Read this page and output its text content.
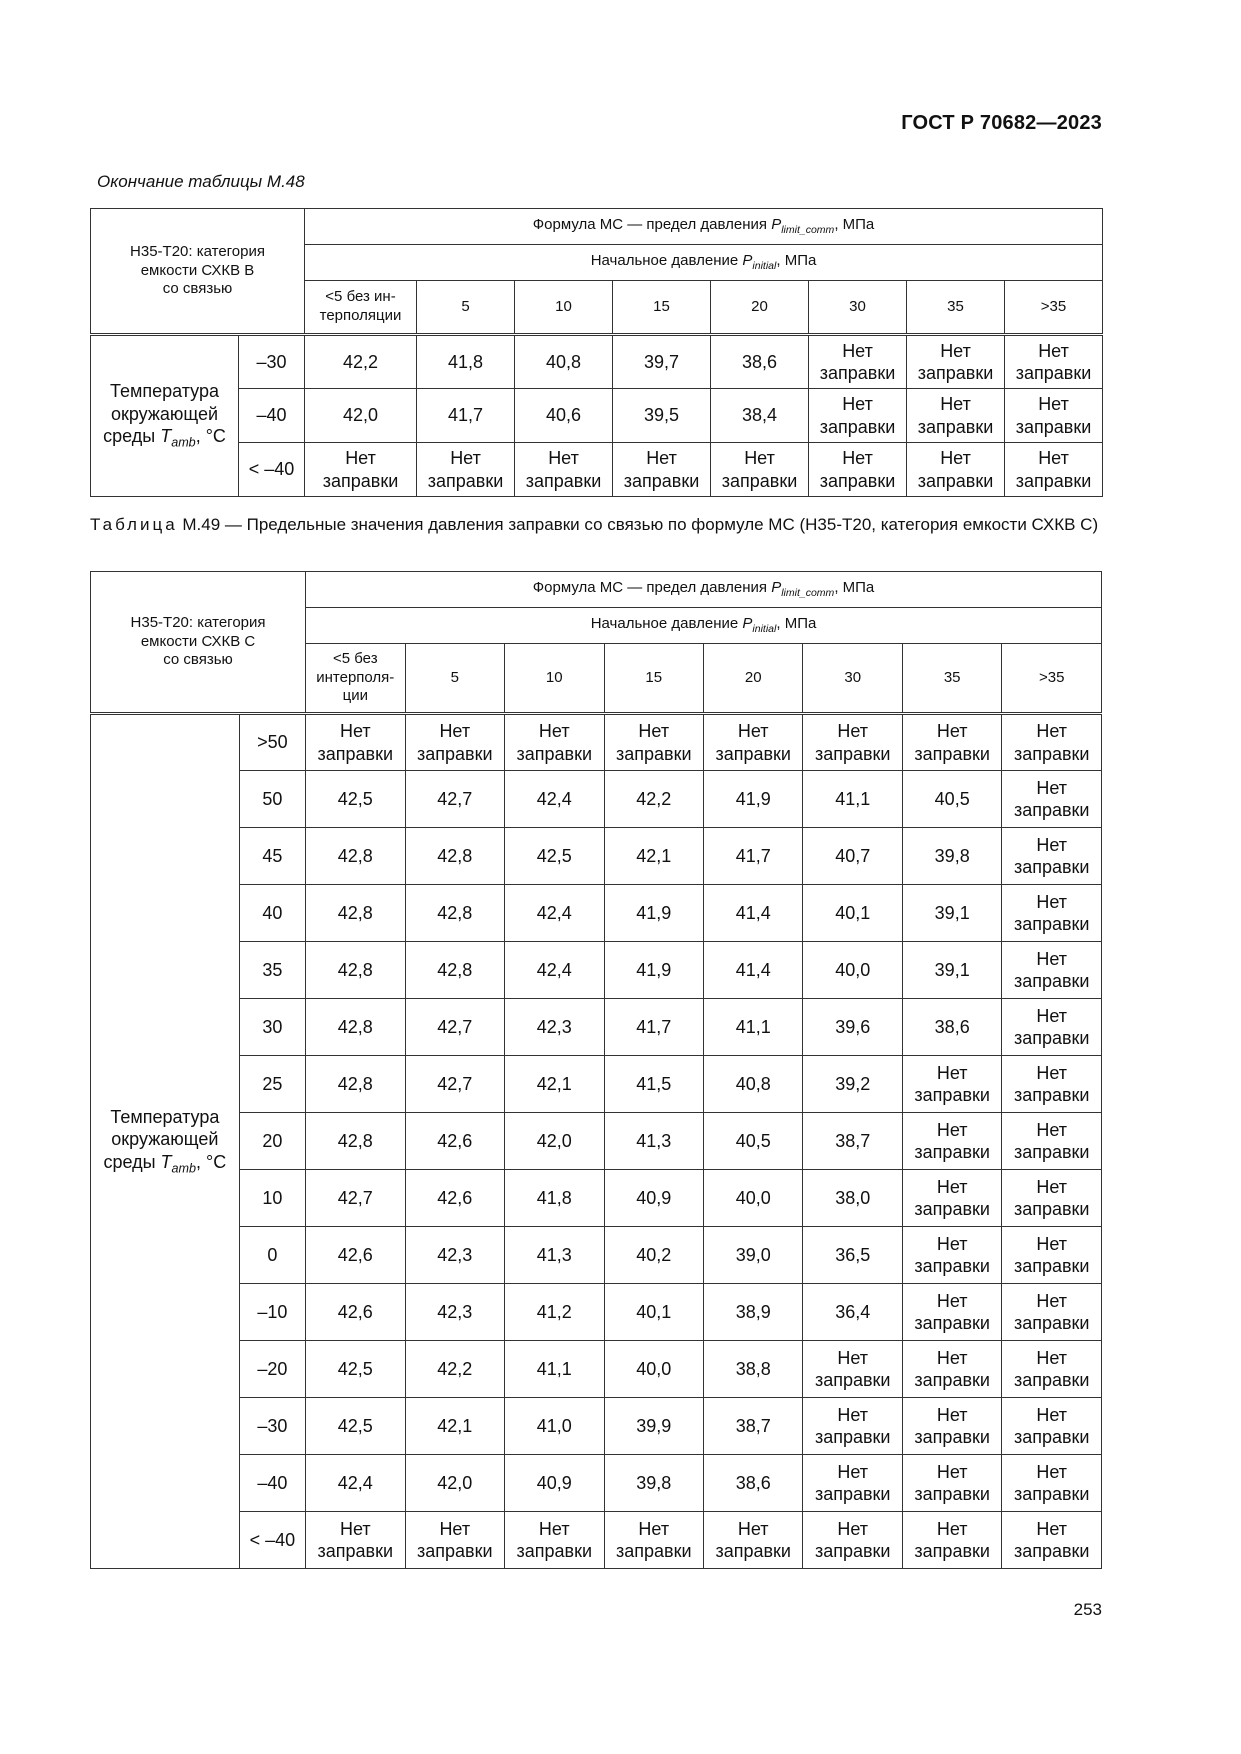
ГОСТ Р 70682—2023
Окончание таблицы М.48
Н35-Т20: категория
емкости СХКВ В
со связью		Формула MC — предел давления $P_{limit\_comm}$, МПа							
		Начальное давление $P_{initial}$, МПа							
		<5 без ин-
терполяции	5	10	15	20	30	35	>35

Температура
окружающей
среды $T_{amb}$, °С	–30	42,2	41,8	40,8	39,7	38,6	Нет
заправки	Нет
заправки	Нет
заправки

	–40	42,0	41,7	40,6	39,5	38,4	Нет
заправки	Нет
заправки	Нет
заправки

	< –40	Нет
заправки	Нет
заправки	Нет
заправки	Нет
заправки	Нет
заправки	Нет
заправки	Нет
заправки	Нет
заправки
Таблица М.49 — Предельные значения давления заправки со связью по формуле MC (Н35-Т20, категория емкости СХКВ С)
Н35-Т20: категория
емкости СХКВ С
со связью		Формула MC — предел давления $P_{limit\_comm}$, МПа							
		Начальное давление $P_{initial}$, МПа							
		<5 без
интерполя-
ции	5	10	15	20	30	35	>35

Температура
окружающей
среды $T_{amb}$, °С	>50	Нет
заправки	Нет
заправки	Нет
заправки	Нет
заправки	Нет
заправки	Нет
заправки	Нет
заправки	Нет
заправки

	50	42,5	42,7	42,4	42,2	41,9	41,1	40,5	Нет
заправки

	45	42,8	42,8	42,5	42,1	41,7	40,7	39,8	Нет
заправки

	40	42,8	42,8	42,4	41,9	41,4	40,1	39,1	Нет
заправки

	35	42,8	42,8	42,4	41,9	41,4	40,0	39,1	Нет
заправки

	30	42,8	42,7	42,3	41,7	41,1	39,6	38,6	Нет
заправки

	25	42,8	42,7	42,1	41,5	40,8	39,2	Нет
заправки	Нет
заправки

	20	42,8	42,6	42,0	41,3	40,5	38,7	Нет
заправки	Нет
заправки

	10	42,7	42,6	41,8	40,9	40,0	38,0	Нет
заправки	Нет
заправки

	0	42,6	42,3	41,3	40,2	39,0	36,5	Нет
заправки	Нет
заправки

	–10	42,6	42,3	41,2	40,1	38,9	36,4	Нет
заправки	Нет
заправки

	–20	42,5	42,2	41,1	40,0	38,8	Нет
заправки	Нет
заправки	Нет
заправки

	–30	42,5	42,1	41,0	39,9	38,7	Нет
заправки	Нет
заправки	Нет
заправки

	–40	42,4	42,0	40,9	39,8	38,6	Нет
заправки	Нет
заправки	Нет
заправки

	< –40	Нет
заправки	Нет
заправки	Нет
заправки	Нет
заправки	Нет
заправки	Нет
заправки	Нет
заправки	Нет
заправки
253
